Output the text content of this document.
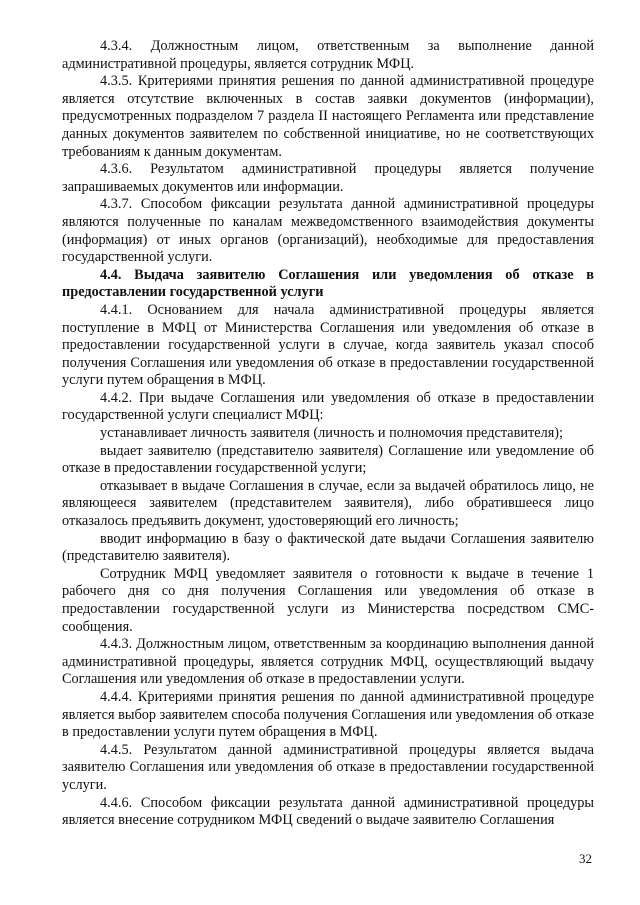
4.3.4. Должностным лицом, ответственным за выполнение данной административной процедуры, является сотрудник МФЦ.

4.3.5. Критериями принятия решения по данной административной процедуре является отсутствие включенных в состав заявки документов (информации), предусмотренных подразделом 7 раздела II настоящего Регламента или представление данных документов заявителем по собственной инициативе, но не соответствующих требованиям к данным документам.

4.3.6. Результатом административной процедуры является получение запрашиваемых документов или информации.

4.3.7. Способом фиксации результата данной административной процедуры являются полученные по каналам межведомственного взаимодействия документы (информация) от иных органов (организаций), необходимые для предоставления государственной услуги.

4.4. Выдача заявителю Соглашения или уведомления об отказе в предоставлении государственной услуги

4.4.1. Основанием для начала административной процедуры является поступление в МФЦ от Министерства Соглашения или уведомления об отказе в предоставлении государственной услуги в случае, когда заявитель указал способ получения Соглашения или уведомления об отказе в предоставлении государственной услуги путем обращения в МФЦ.

4.4.2. При выдаче Соглашения или уведомления об отказе в предоставлении государственной услуги специалист МФЦ:

устанавливает личность заявителя (личность и полномочия представителя);

выдает заявителю (представителю заявителя) Соглашение или уведомление об отказе в предоставлении государственной услуги;

отказывает в выдаче Соглашения в случае, если за выдачей обратилось лицо, не являющееся заявителем (представителем заявителя), либо обратившееся лицо отказалось предъявить документ, удостоверяющий его личность;

вводит информацию в базу о фактической дате выдачи Соглашения заявителю (представителю заявителя).

Сотрудник МФЦ уведомляет заявителя о готовности к выдаче в течение 1 рабочего дня со дня получения Соглашения или уведомления об отказе в предоставлении государственной услуги из Министерства посредством СМС-сообщения.

4.4.3. Должностным лицом, ответственным за координацию выполнения данной административной процедуры, является сотрудник МФЦ, осуществляющий выдачу Соглашения или уведомления об отказе в предоставлении услуги.

4.4.4. Критериями принятия решения по данной административной процедуре является выбор заявителем способа получения Соглашения или уведомления об отказе в предоставлении услуги путем обращения в МФЦ.

4.4.5. Результатом данной административной процедуры является выдача заявителю Соглашения или уведомления об отказе в предоставлении государственной услуги.

4.4.6. Способом фиксации результата данной административной процедуры является внесение сотрудником МФЦ сведений о выдаче заявителю Соглашения

32
